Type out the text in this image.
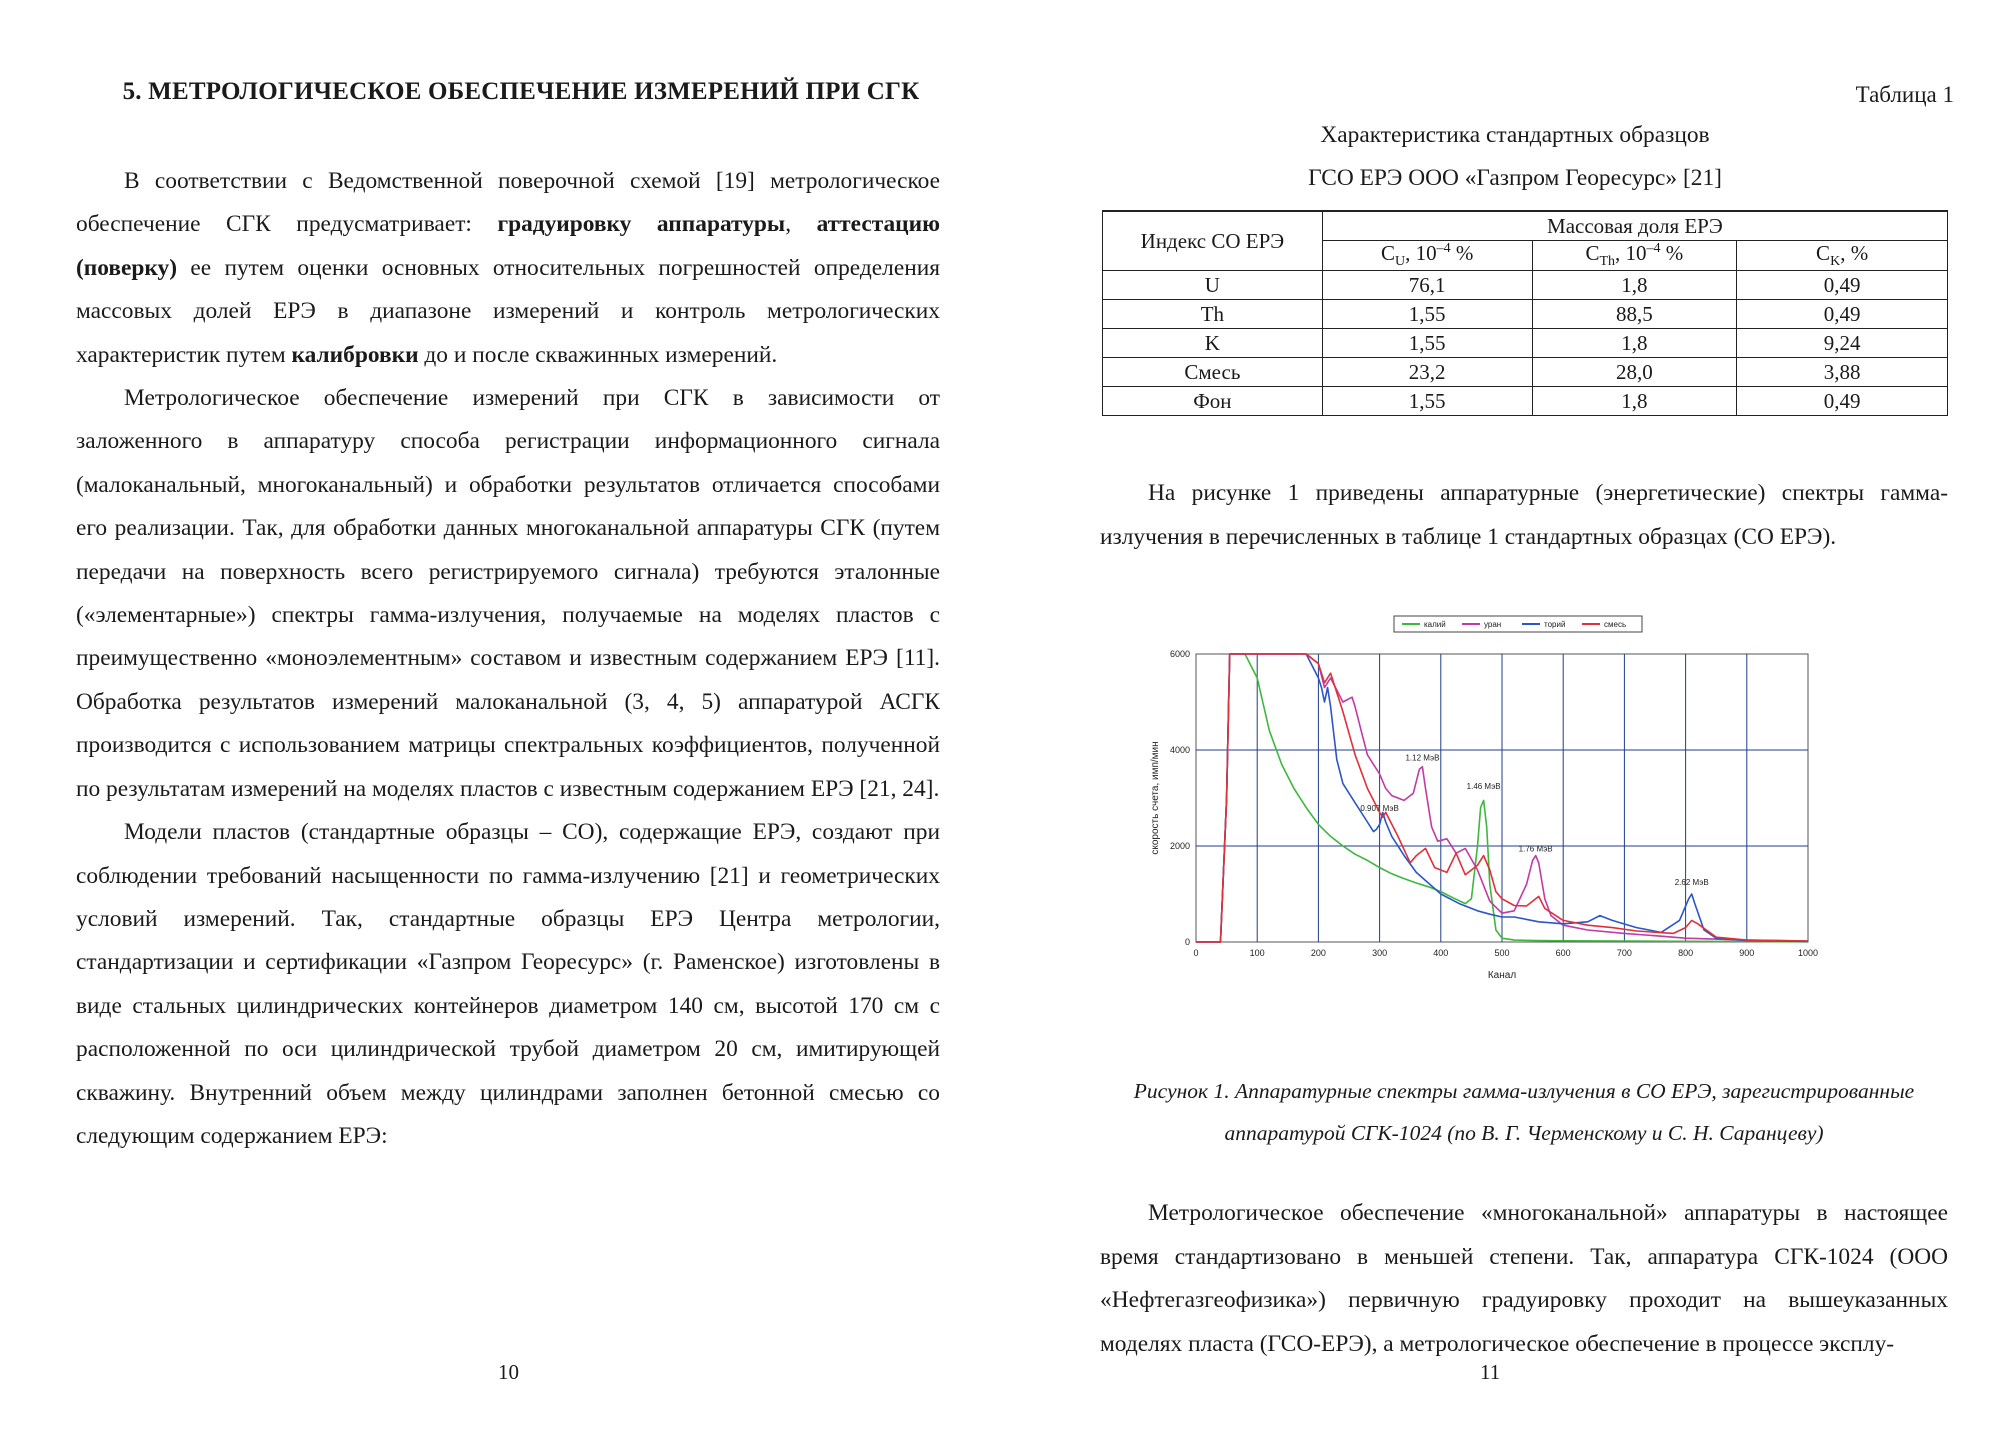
5. МЕТРОЛОГИЧЕСКОЕ ОБЕСПЕЧЕНИЕ ИЗМЕРЕНИЙ ПРИ СГК

В соответствии с Ведомственной поверочной схемой [19] метрологическое обеспечение СГК предусматривает: градуировку аппаратуры, аттестацию (поверку) ее путем оценки основных относительных погрешностей определения массовых долей ЕРЭ в диапазоне измерений и контроль метрологических характеристик путем калибровки до и после скважинных измерений.

Метрологическое обеспечение измерений при СГК в зависимости от заложенного в аппаратуру способа регистрации информационного сигнала (малоканальный, многоканальный) и обработки результатов отличается способами его реализации. Так, для обработки данных многоканальной аппаратуры СГК (путем передачи на поверхность всего регистрируемого сигнала) требуются эталонные («элементарные») спектры гамма-излучения, получаемые на моделях пластов с преимущественно «моноэлементным» составом и известным содержанием ЕРЭ [11]. Обработка результатов измерений малоканальной (3, 4, 5) аппаратурой АСГК производится с использованием матрицы спектральных коэффициентов, полученной по результатам измерений на моделях пластов с известным содержанием ЕРЭ [21, 24].

Модели пластов (стандартные образцы – СО), содержащие ЕРЭ, создают при соблюдении требований насыщенности по гамма-излучению [21] и геометрических условий измерений. Так, стандартные образцы ЕРЭ Центра метрологии, стандартизации и сертификации «Газпром Георесурс» (г. Раменское) изготовлены в виде стальных цилиндрических контейнеров диаметром 140 см, высотой 170 см с расположенной по оси цилиндрической трубой диаметром 20 см, имитирующей скважину. Внутренний объем между цилиндрами заполнен бетонной смесью со следующим содержанием ЕРЭ:

10
Таблица 1
Характеристика стандартных образцов
ГСО ЕРЭ ООО «Газпром Георесурс» [21]
Индекс СО ЕРЭ	Массовая доля ЕРЭ		
	$C_U$, $10^{-4}$ %	$C_{Th}$, $10^{-4}$ %	$C_K$, %
U	76,1	1,8	0,49
Th	1,55	88,5	0,49
K	1,55	1,8	9,24
Смесь	23,2	28,0	3,88
Фон	1,55	1,8	0,49

На рисунке 1 приведены аппаратурные (энергетические) спектры гамма-излучения в перечисленных в таблице 1 стандартных образцах (СО ЕРЭ).

0	100	200	300	400	500	600	700	800	900	1000
0
2000
4000
6000
Канал
скорость счета, имп/мин	0.907 МэВ
1.12 МэВ
1.46 МэВ
1.76 МэВ
2.62 МэВ
калий	уран	торий	смесь
Рисунок 1. Аппаратурные спектры гамма-излучения в СО ЕРЭ, зарегистрированные аппаратурой СГК-1024 (по В. Г. Черменскому и С. Н. Саранцеву)

Метрологическое обеспечение «многоканальной» аппаратуры в настоящее время стандартизовано в меньшей степени. Так, аппаратура СГК-1024 (ООО «Нефтегазгеофизика») первичную градуировку проходит на вышеуказанных моделях пласта (ГСО-ЕРЭ), а метрологическое обеспечение в процессе эксплу-

11
